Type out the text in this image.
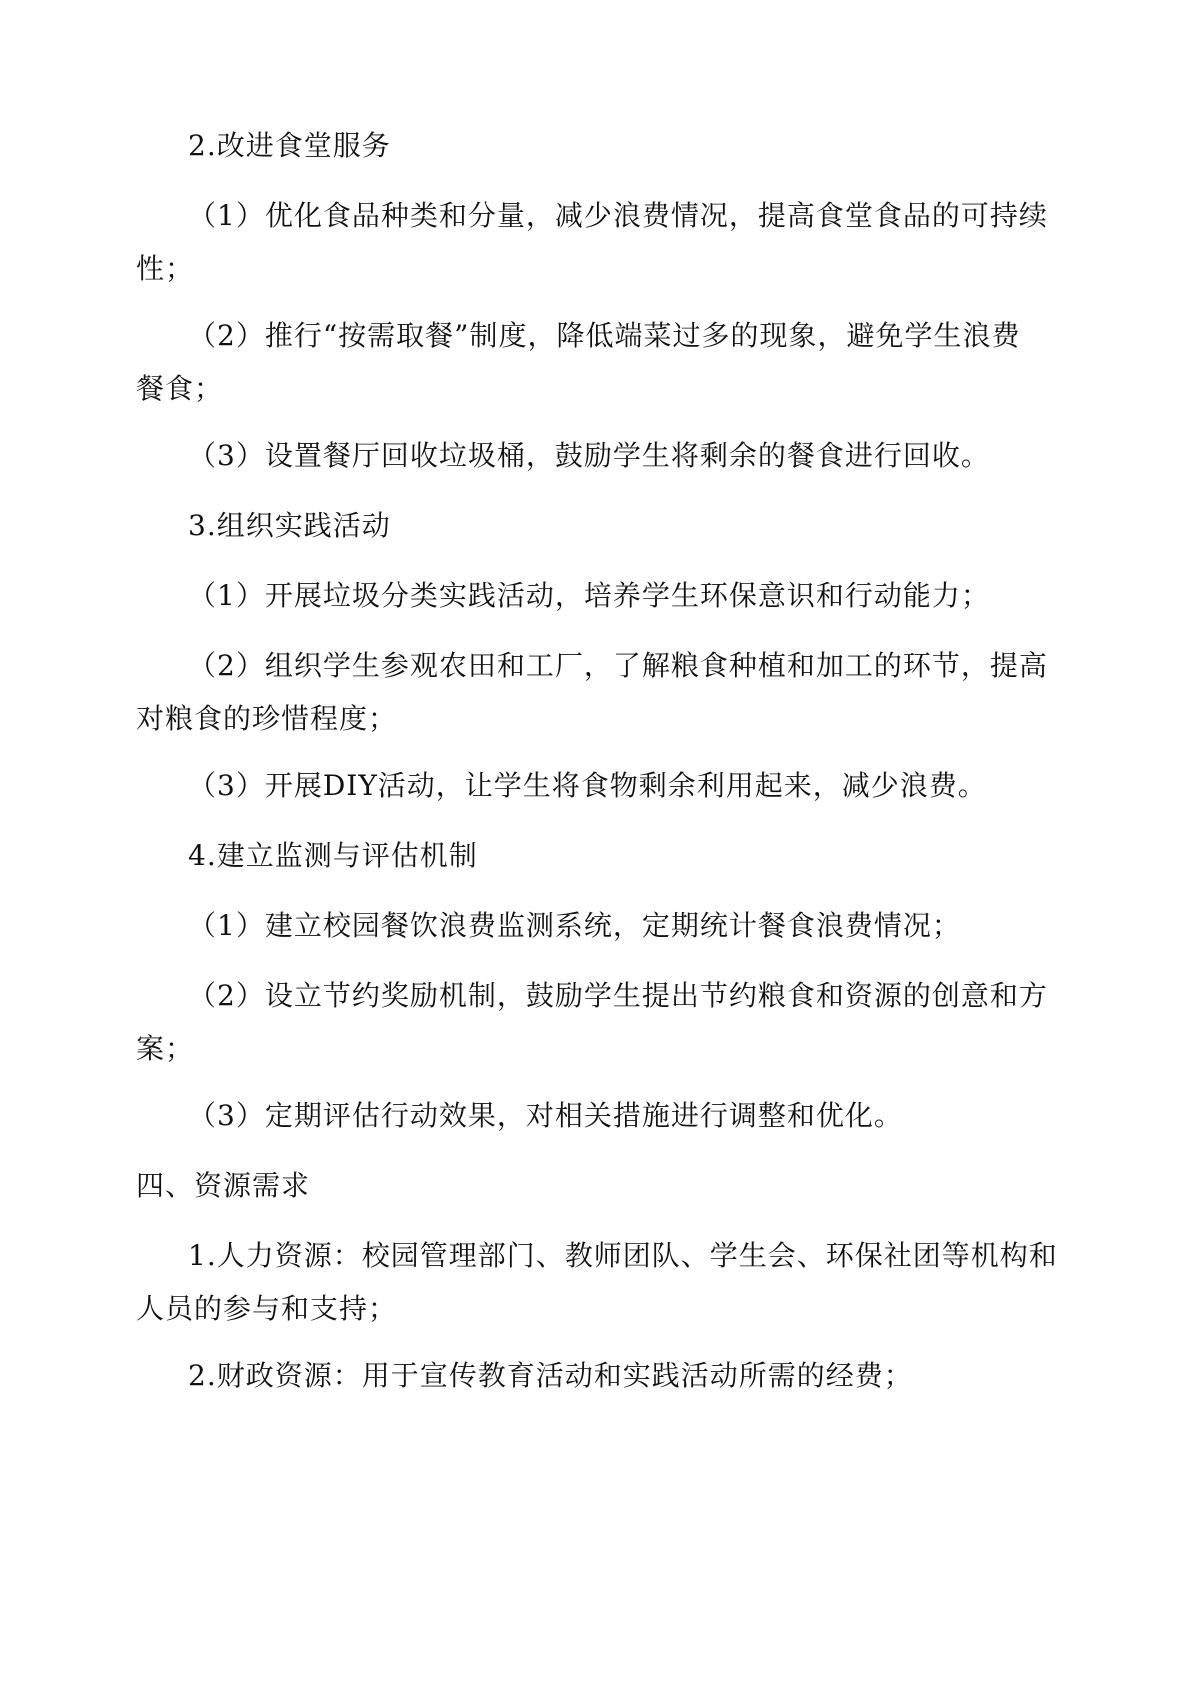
2.改进食堂服务
（1）优化食品种类和分量，减少浪费情况，提高食堂食品的可持续
性；
（2）推行“按需取餐”制度，降低端菜过多的现象，避免学生浪费
餐食；
（3）设置餐厅回收垃圾桶，鼓励学生将剩余的餐食进行回收。
3.组织实践活动
（1）开展垃圾分类实践活动，培养学生环保意识和行动能力；
（2）组织学生参观农田和工厂，了解粮食种植和加工的环节，提高
对粮食的珍惜程度；
（3）开展DIY活动，让学生将食物剩余利用起来，减少浪费。
4.建立监测与评估机制
（1）建立校园餐饮浪费监测系统，定期统计餐食浪费情况；
（2）设立节约奖励机制，鼓励学生提出节约粮食和资源的创意和方
案；
（3）定期评估行动效果，对相关措施进行调整和优化。
四、资源需求
1.人力资源：校园管理部门、教师团队、学生会、环保社团等机构和
人员的参与和支持；
2.财政资源：用于宣传教育活动和实践活动所需的经费；
